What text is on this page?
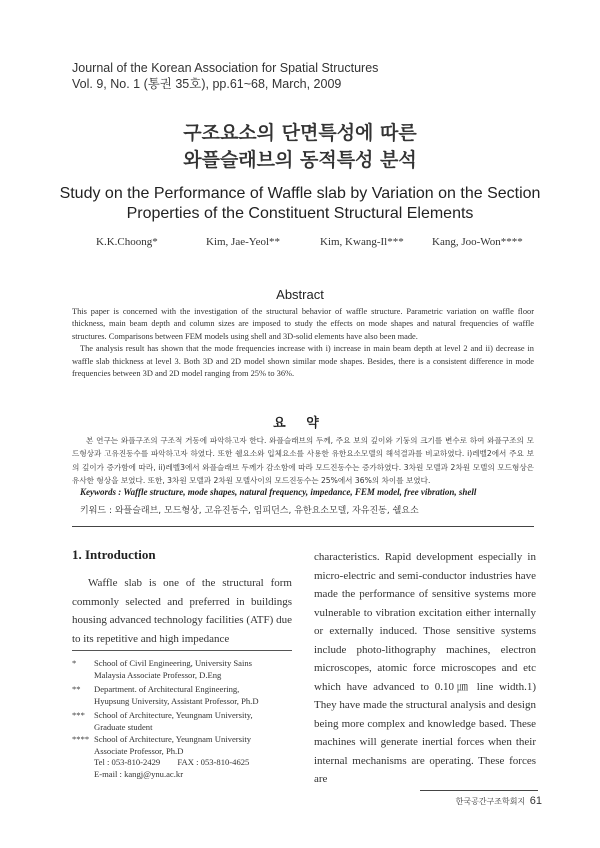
Journal of the Korean Association for Spatial Structures
Vol. 9, No. 1 (통권 35호), pp.61~68, March, 2009
구조요소의 단면특성에 따른
와플슬래브의 동적특성 분석
Study on the Performance of Waffle slab by Variation on the Section
Properties of the Constituent Structural Elements
K.K.Choong*	Kim, Jae-Yeol**	Kim, Kwang-Il***	Kang, Joo-Won****
Abstract

This paper is concerned with the investigation of the structural behavior of waffle structure. Parametric variation on waffle floor thickness, main beam depth and column sizes are imposed to study the effects on mode shapes and natural frequencies of waffle structures. Comparisons between FEM models using shell and 3D-solid elements have also been made.

The analysis result has shown that the mode frequencies increase with i) increase in main beam depth at level 2 and ii) decrease in waffle slab thickness at level 3. Both 3D and 2D model shown similar mode shapes. Besides, there is a consistent difference in mode frequencies between 3D and 2D model ranging from 25% to 36%.

요 약
본 연구는 와플구조의 구조적 거동에 파악하고자 한다. 와플슬래브의 두께, 주요 보의 깊이와 기둥의 크기를 변수로 하여 와플구조의 모드형상과 고유진동수를 파악하고자 하였다. 또한 쉘요소와 입체요소를 사용한 유한요소모델의 해석결과를 비교하였다. i)레벨2에서 주요 보의 깊이가 증가함에 따라, ii)레벨3에서 와플슬래브 두께가 감소함에 따라 모드진동수는 증가하였다. 3차원 모델과 2차원 모델의 모드형상은 유사한 형상을 보였다. 또한, 3차원 모델과 2차원 모델사이의 모드진동수는 25%에서 36%의 차이를 보였다.
Keywords : Waffle structure, mode shapes, natural frequency, impedance, FEM model, free vibration, shell
키워드 : 와플슬래브, 모드형상, 고유진동수, 임피던스, 유한요소모델, 자유진동, 쉘요소
1. Introduction
Waffle slab is one of the structural form commonly selected and preferred in buildings housing advanced technology facilities (ATF) due to its repetitive and high impedance
characteristics. Rapid development especially in micro-electric and semi-conductor industries have made the performance of sensitive systems more vulnerable to vibration excitation either internally or externally induced. Those sensitive systems include photo-lithography machines, electron microscopes, atomic force microscopes and etc which have advanced to 0.10㎛ line width.1) They have made the structural analysis and design being more complex and knowledge based. These machines will generate inertial forces when their internal mechanisms are operating. These forces are
* School of Civil Engineering, University Sains
Malaysia Associate Professor, D.Eng
** Department. of Architectural Engineering,
Hyupsung University, Assistant Professor, Ph.D
*** School of Architecture, Yeungnam University,
Graduate student
**** School of Architecture, Yeungnam University
Associate Professor, Ph.D
Tel : 053-810-2429        FAX : 053-810-4625
E-mail : kangj@ynu.ac.kr
한국공간구조학회지 61
